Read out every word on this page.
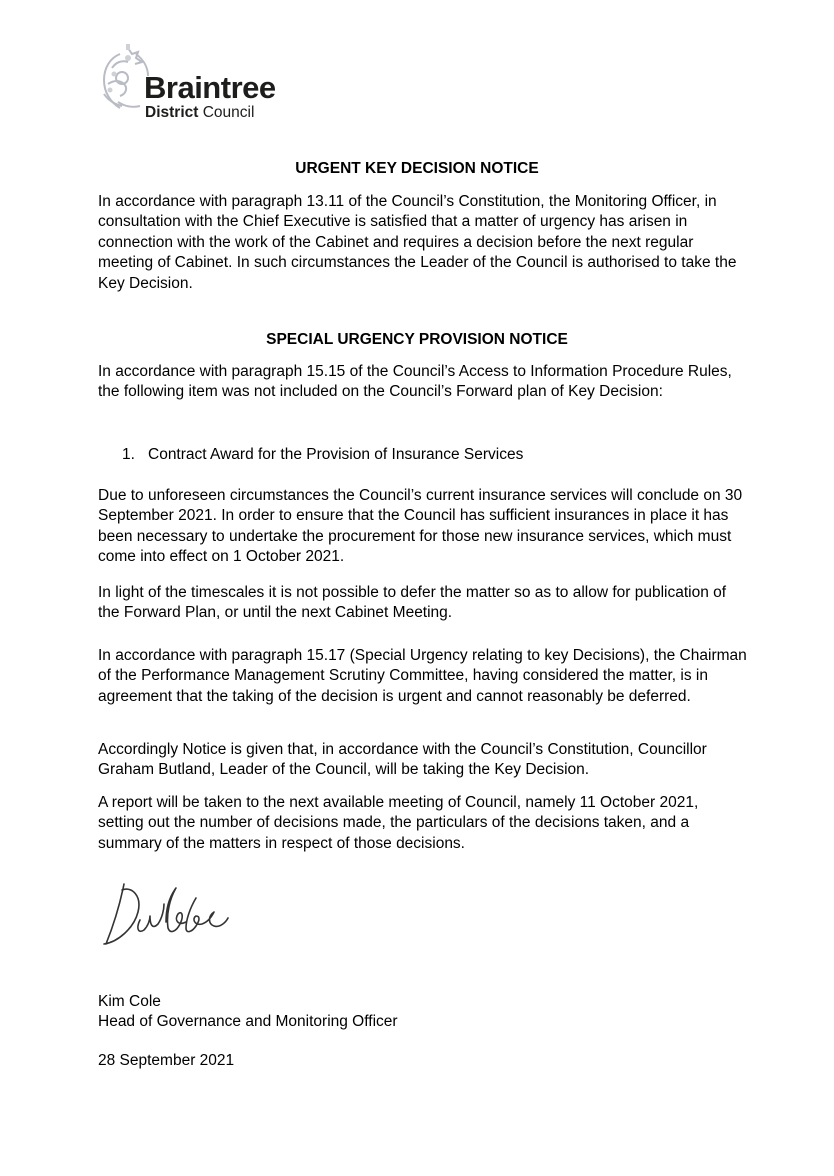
Braintree
District Council
URGENT KEY DECISION NOTICE
In accordance with paragraph 13.11 of the Council’s Constitution, the Monitoring Officer, in consultation with the Chief Executive is satisfied that a matter of urgency has arisen in connection with the work of the Cabinet and requires a decision before the next regular meeting of Cabinet. In such circumstances the Leader of the Council is authorised to take the Key Decision.
SPECIAL URGENCY PROVISION NOTICE
In accordance with paragraph 15.15 of the Council’s Access to Information Procedure Rules, the following item was not included on the Council’s Forward plan of Key Decision:
1. Contract Award for the Provision of Insurance Services
Due to unforeseen circumstances the Council’s current insurance services will conclude on 30 September 2021. In order to ensure that the Council has sufficient insurances in place it has been necessary to undertake the procurement for those new insurance services, which must come into effect on 1 October 2021.
In light of the timescales it is not possible to defer the matter so as to allow for publication of the Forward Plan, or until the next Cabinet Meeting.
In accordance with paragraph 15.17 (Special Urgency relating to key Decisions), the Chairman of the Performance Management Scrutiny Committee, having considered the matter, is in agreement that the taking of the decision is urgent and cannot reasonably be deferred.
Accordingly Notice is given that, in accordance with the Council’s Constitution, Councillor Graham Butland, Leader of the Council, will be taking the Key Decision.
A report will be taken to the next available meeting of Council, namely 11 October 2021, setting out the number of decisions made, the particulars of the decisions taken, and a summary of the matters in respect of those decisions.
Kim Cole
Head of Governance and Monitoring Officer
28 September 2021
